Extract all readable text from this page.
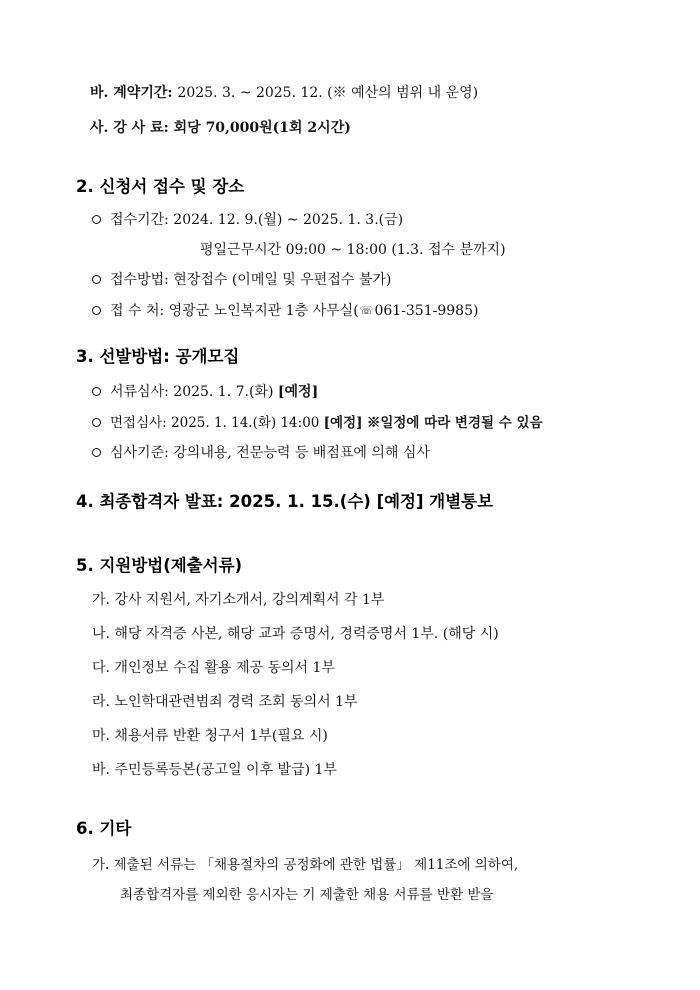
바. 계약기간: 2025. 3. ~ 2025. 12. (※ 예산의 범위 내 운영)
사. 강 사 료: 회당 70,000원(1회 2시간)
2. 신청서 접수 및 장소
접수기간: 2024. 12. 9.(월) ~ 2025. 1. 3.(금)
평일근무시간 09:00 ~ 18:00 (1.3. 접수 분까지)
접수방법: 현장접수 (이메일 및 우편접수 불가)
접 수 처: 영광군 노인복지관 1층 사무실(☏061-351-9985)
3. 선발방법: 공개모집
서류심사: 2025. 1. 7.(화) [예정]
면접심사: 2025. 1. 14.(화) 14:00 [예정] ※일정에 따라 변경될 수 있음
심사기준: 강의내용, 전문능력 등 배점표에 의해 심사
4. 최종합격자 발표: 2025. 1. 15.(수) [예정] 개별통보
5. 지원방법(제출서류)
가. 강사 지원서, 자기소개서, 강의계획서 각 1부
나. 해당 자격증 사본, 해당 교과 증명서, 경력증명서 1부. (해당 시)
다. 개인정보 수집 활용 제공 동의서 1부
라. 노인학대관련범죄 경력 조회 동의서 1부
마. 채용서류 반환 청구서 1부(필요 시)
바. 주민등록등본(공고일 이후 발급) 1부
6. 기타
가. 제출된 서류는 「채용절차의 공정화에 관한 법률」 제11조에 의하여,
최종합격자를 제외한 응시자는 기 제출한 채용 서류를 반환 받을
